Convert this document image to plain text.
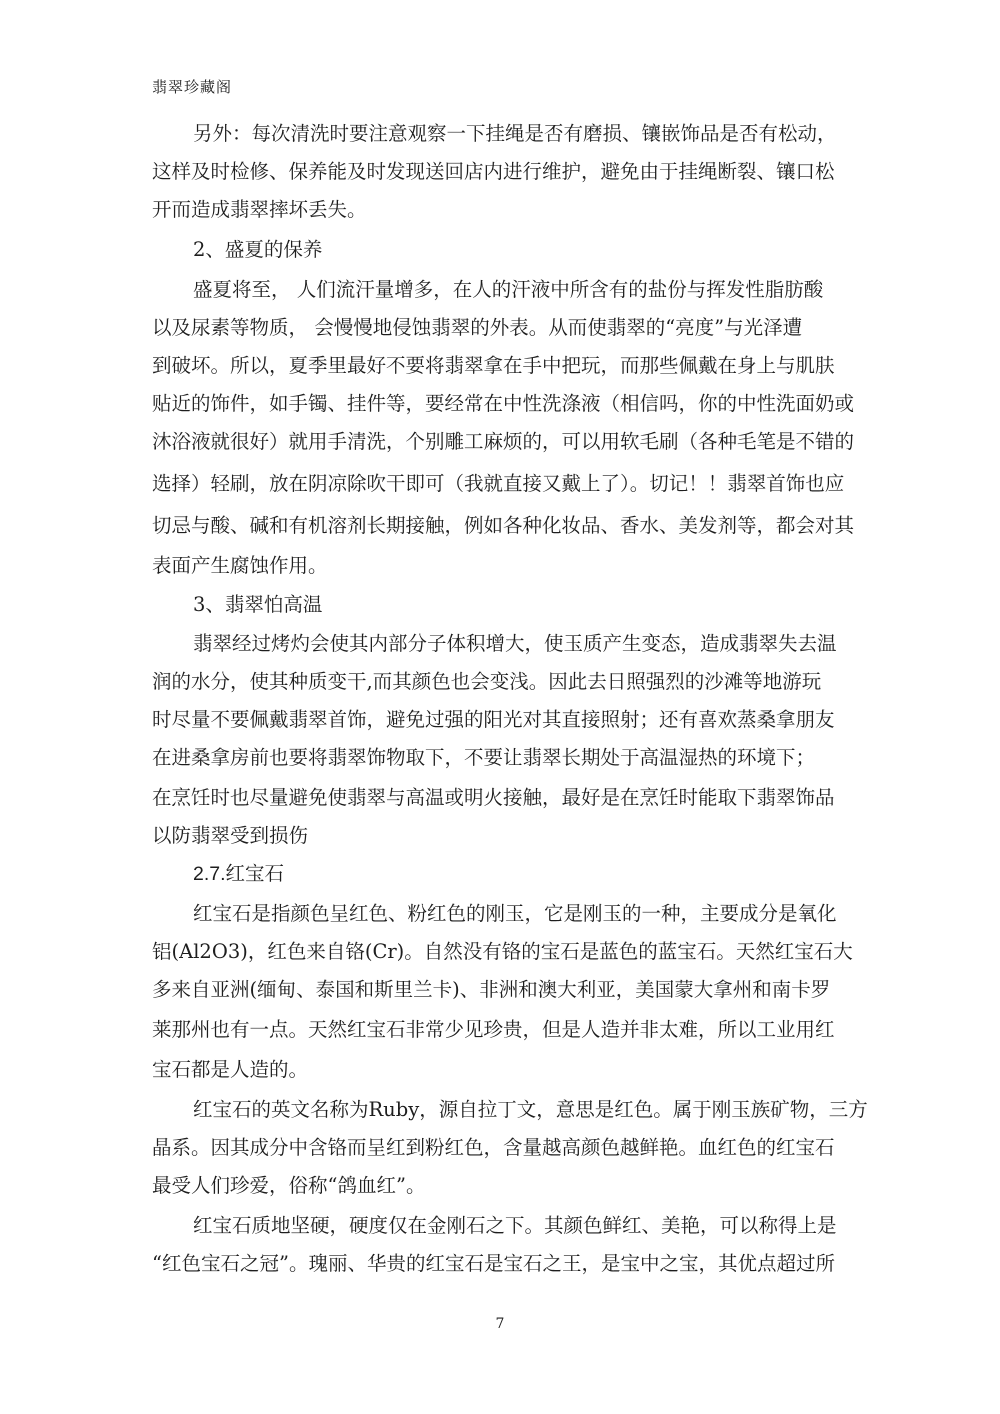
翡翠珍藏阁
另外：每次清洗时要注意观察一下挂绳是否有磨损、镶嵌饰品是否有松动，
这样及时检修、保养能及时发现送回店内进行维护，避免由于挂绳断裂、镶口松
开而造成翡翠摔坏丢失。
2、盛夏的保养
盛夏将至， 人们流汗量增多，在人的汗液中所含有的盐份与挥发性脂肪酸
以及尿素等物质， 会慢慢地侵蚀翡翠的外表。从而使翡翠的“亮度”与光泽遭
到破坏。所以，夏季里最好不要将翡翠拿在手中把玩，而那些佩戴在身上与肌肤
贴近的饰件，如手镯、挂件等，要经常在中性洗涤液（相信吗，你的中性洗面奶或
沐浴液就很好）就用手清洗，个别雕工麻烦的，可以用软毛刷（各种毛笔是不错的
选择）轻刷，放在阴凉除吹干即可（我就直接又戴上了）。切记！！翡翠首饰也应
切忌与酸、碱和有机溶剂长期接触，例如各种化妆品、香水、美发剂等，都会对其
表面产生腐蚀作用。
3、翡翠怕高温
翡翠经过烤灼会使其内部分子体积增大，使玉质产生变态，造成翡翠失去温
润的水分，使其种质变干,而其颜色也会变浅。因此去日照强烈的沙滩等地游玩
时尽量不要佩戴翡翠首饰，避免过强的阳光对其直接照射；还有喜欢蒸桑拿朋友
在进桑拿房前也要将翡翠饰物取下，不要让翡翠长期处于高温湿热的环境下；
在烹饪时也尽量避免使翡翠与高温或明火接触，最好是在烹饪时能取下翡翠饰品
以防翡翠受到损伤
2.7.红宝石
红宝石是指颜色呈红色、粉红色的刚玉，它是刚玉的一种，主要成分是氧化
铝(Al2O3)，红色来自铬(Cr)。自然没有铬的宝石是蓝色的蓝宝石。天然红宝石大
多来自亚洲(缅甸、泰国和斯里兰卡)、非洲和澳大利亚，美国蒙大拿州和南卡罗
莱那州也有一点。天然红宝石非常少见珍贵，但是人造并非太难，所以工业用红
宝石都是人造的。
红宝石的英文名称为Ruby，源自拉丁文，意思是红色。属于刚玉族矿物，三方
晶系。因其成分中含铬而呈红到粉红色，含量越高颜色越鲜艳。血红色的红宝石
最受人们珍爱，俗称“鸽血红”。
红宝石质地坚硬，硬度仅在金刚石之下。其颜色鲜红、美艳，可以称得上是
“红色宝石之冠”。瑰丽、华贵的红宝石是宝石之王，是宝中之宝，其优点超过所
7
